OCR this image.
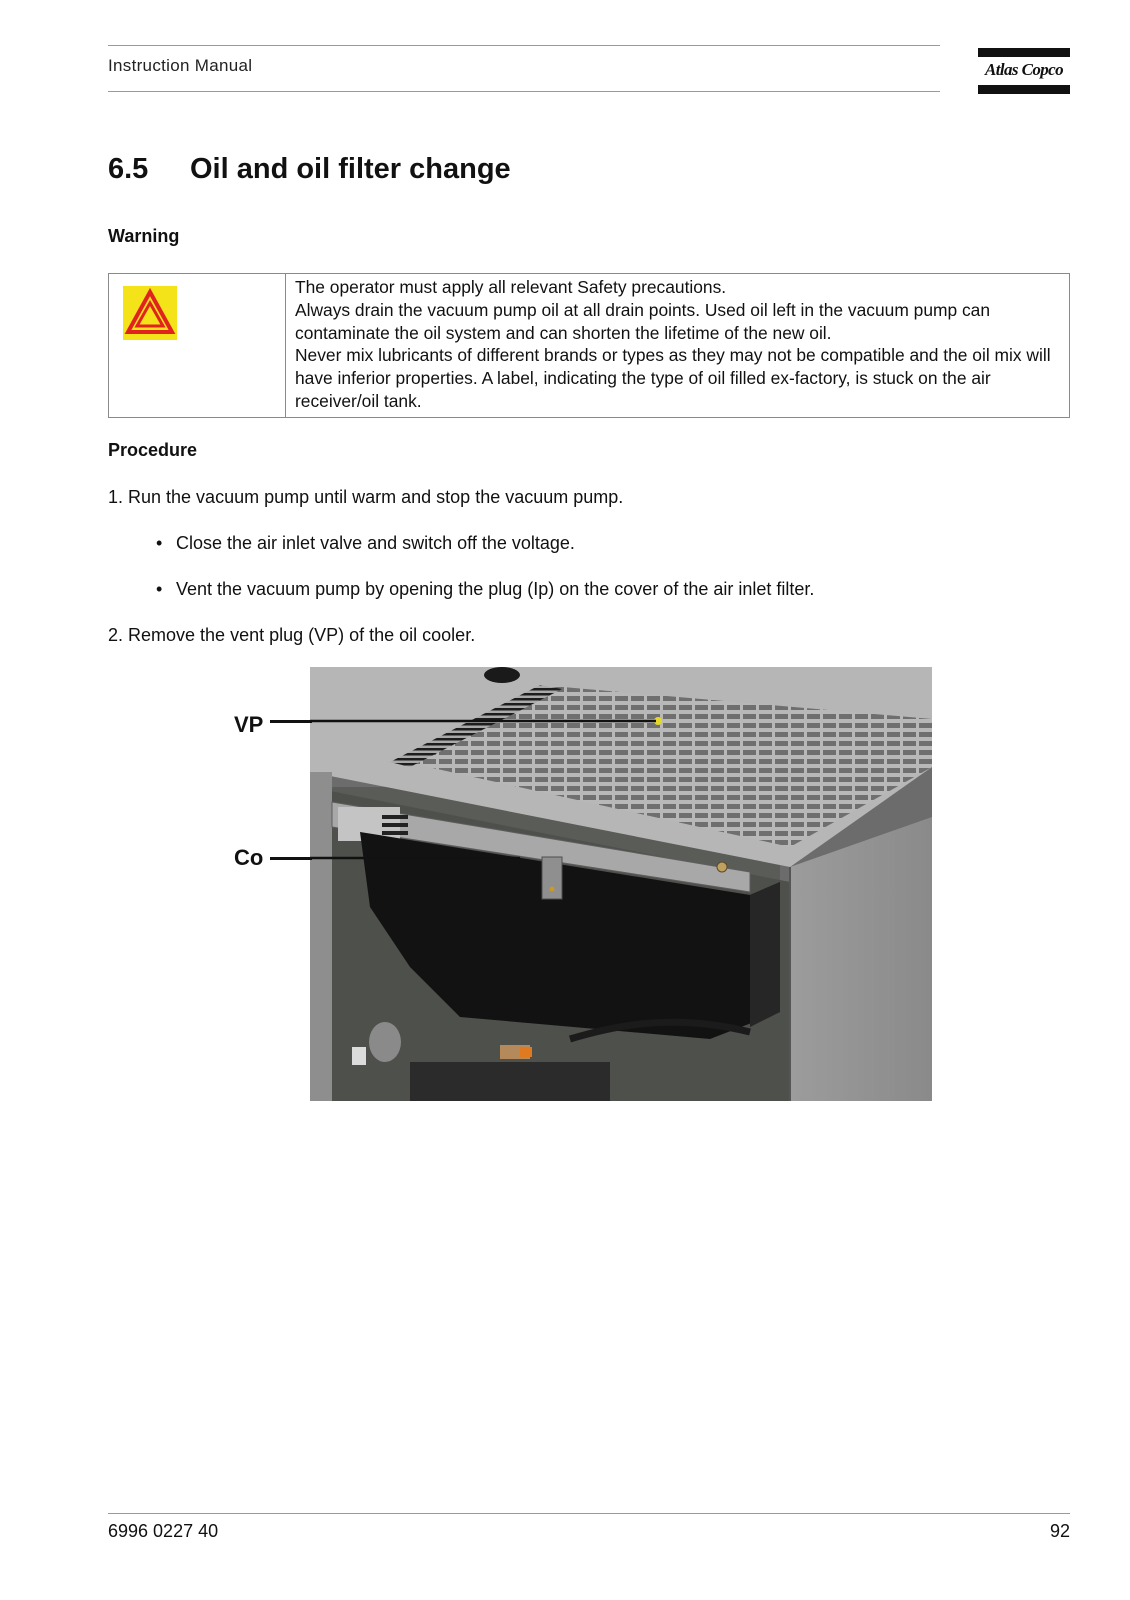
Instruction Manual	Atlas Copco
6.5 Oil and oil filter change
Warning
The operator must apply all relevant Safety precautions.
Always drain the vacuum pump oil at all drain points. Used oil left in the vacuum pump can contaminate the oil system and can shorten the lifetime of the new oil.
Never mix lubricants of different brands or types as they may not be compatible and the oil mix will have inferior properties. A label, indicating the type of oil filled ex-factory, is stuck on the air receiver/oil tank.
Procedure
1. Run the vacuum pump until warm and stop the vacuum pump.
• Close the air inlet valve and switch off the voltage.
• Vent the vacuum pump by opening the plug (Ip) on the cover of the air inlet filter.
2. Remove the vent plug (VP) of the oil cooler.
VP
Co
6996 0227 40	92
